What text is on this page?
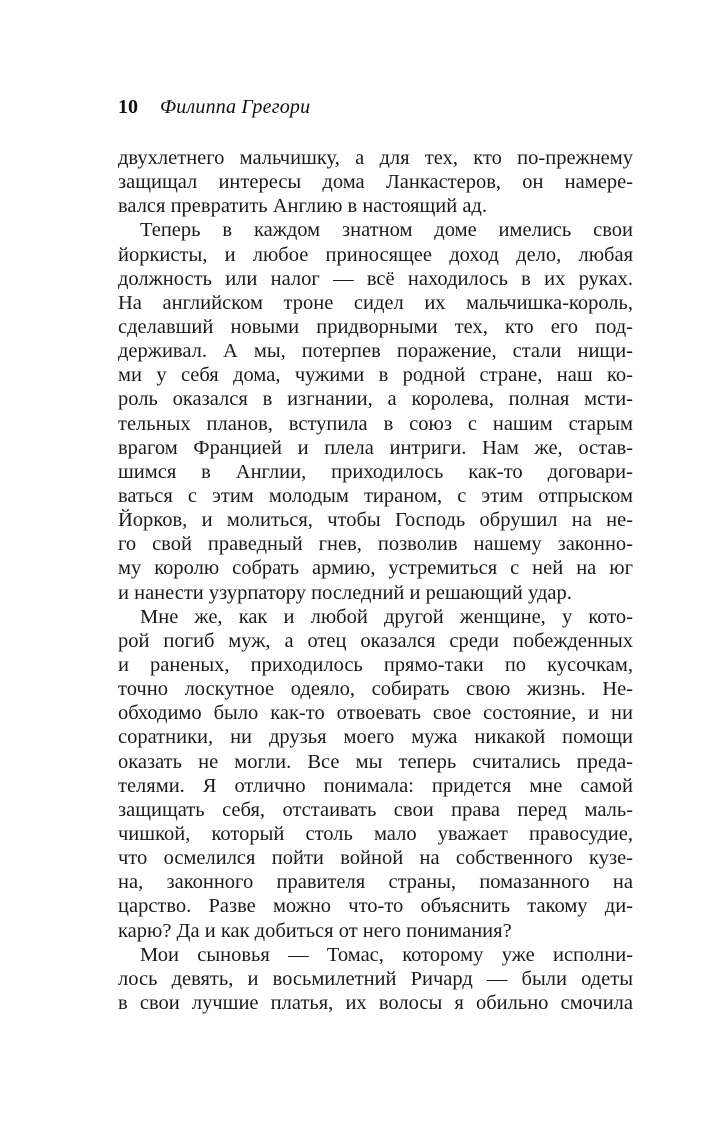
10 Филиппа Грегори
двухлетнего мальчишку, а для тех, кто по-прежнему
защищал интересы дома Ланкастеров, он намере-
вался превратить Англию в настоящий ад.
Теперь в каждом знатном доме имелись свои
йоркисты, и любое приносящее доход дело, любая
должность или налог — всё находилось в их руках.
На английском троне сидел их мальчишка-король,
сделавший новыми придворными тех, кто его под-
держивал. А мы, потерпев поражение, стали нищи-
ми у себя дома, чужими в родной стране, наш ко-
роль оказался в изгнании, а королева, полная мсти-
тельных планов, вступила в союз с нашим старым
врагом Францией и плела интриги. Нам же, остав-
шимся в Англии, приходилось как-то договари-
ваться с этим молодым тираном, с этим отпрыском
Йорков, и молиться, чтобы Господь обрушил на не-
го свой праведный гнев, позволив нашему законно-
му королю собрать армию, устремиться с ней на юг
и нанести узурпатору последний и решающий удар.
Мне же, как и любой другой женщине, у кото-
рой погиб муж, а отец оказался среди побежденных
и раненых, приходилось прямо-таки по кусочкам,
точно лоскутное одеяло, собирать свою жизнь. Не-
обходимо было как-то отвоевать свое состояние, и ни
соратники, ни друзья моего мужа никакой помощи
оказать не могли. Все мы теперь считались преда-
телями. Я отлично понимала: придется мне самой
защищать себя, отстаивать свои права перед маль-
чишкой, который столь мало уважает правосудие,
что осмелился пойти войной на собственного кузе-
на, законного правителя страны, помазанного на
царство. Разве можно что-то объяснить такому ди-
карю? Да и как добиться от него понимания?
Мои сыновья — Томас, которому уже исполни-
лось девять, и восьмилетний Ричард — были одеты
в свои лучшие платья, их волосы я обильно смочила
